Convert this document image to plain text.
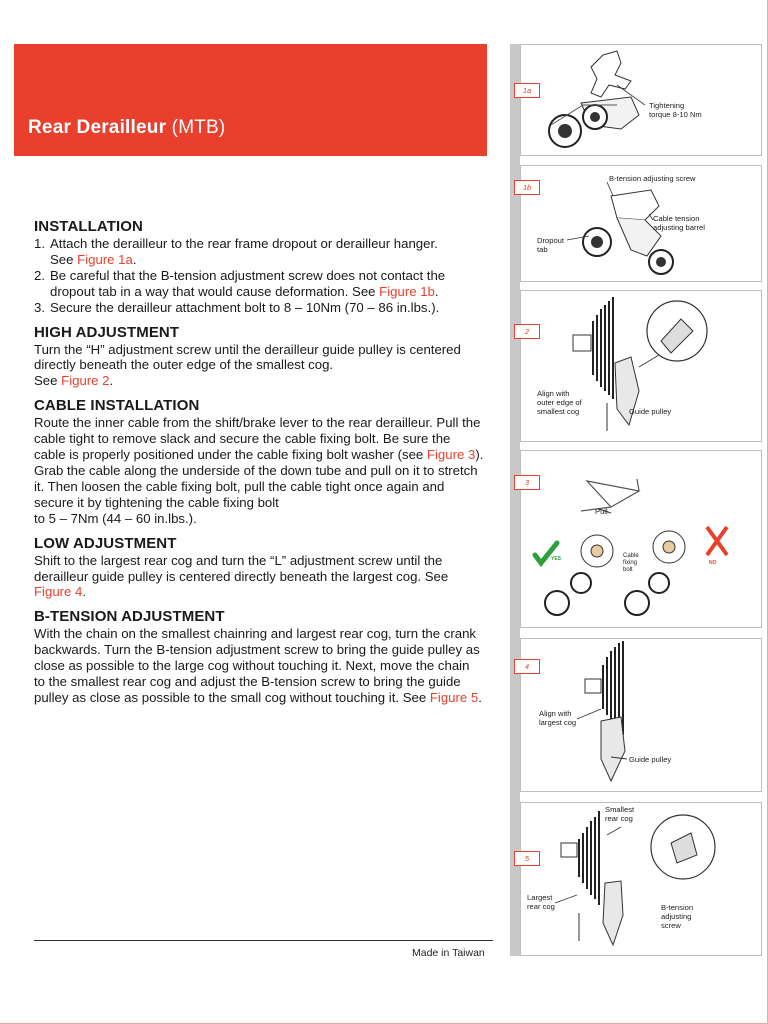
Rear Derailleur (MTB)
INSTALLATION
1. Attach the derailleur to the rear frame dropout or derailleur hanger.
See Figure 1a.
2. Be careful that the B-tension adjustment screw does not contact the dropout tab in a way that would cause deformation. See Figure 1b.
3. Secure the derailleur attachment bolt to 8 – 10Nm (70 – 86 in.lbs.).
HIGH ADJUSTMENT

Turn the “H” adjustment screw until the derailleur guide pulley is centered directly beneath the outer edge of the smallest cog.
See Figure 2.

CABLE INSTALLATION

Route the inner cable from the shift/brake lever to the rear derailleur. Pull the cable tight to remove slack and secure the cable fixing bolt. Be sure the cable is properly positioned under the cable fixing bolt washer (see Figure 3).

Grab the cable along the underside of the down tube and pull on it to stretch it. Then loosen the cable fixing bolt, pull the cable tight once again and secure it by tightening the cable fixing bolt
to 5 – 7Nm (44 – 60 in.lbs.).

LOW ADJUSTMENT

Shift to the largest rear cog and turn the “L” adjustment screw until the derailleur guide pulley is centered directly beneath the largest cog. See Figure 4.

B-TENSION ADJUSTMENT

With the chain on the smallest chainring and largest rear cog, turn the crank backwards. Turn the B-tension adjustment screw to bring the guide pulley as close as possible to the large cog without touching it. Next, move the chain to the smallest rear cog and adjust the B-tension screw to bring the guide pulley as close as possible to the small cog without touching it. See Figure 5.

Made in Taiwan
1a
Tightening
torque 8-10 Nm
1b
B-tension adjusting screw
Cable tension
adjusting barrel
Dropout
tab
2
Align with
outer edge of
smallest cog	Guide pulley
3
Pull
YES
NO
Cable
fixing
bolt
4
Align with
largest cog
Guide pulley
5
Smallest
rear cog
Largest
rear cog	B-tension
adjusting
screw
